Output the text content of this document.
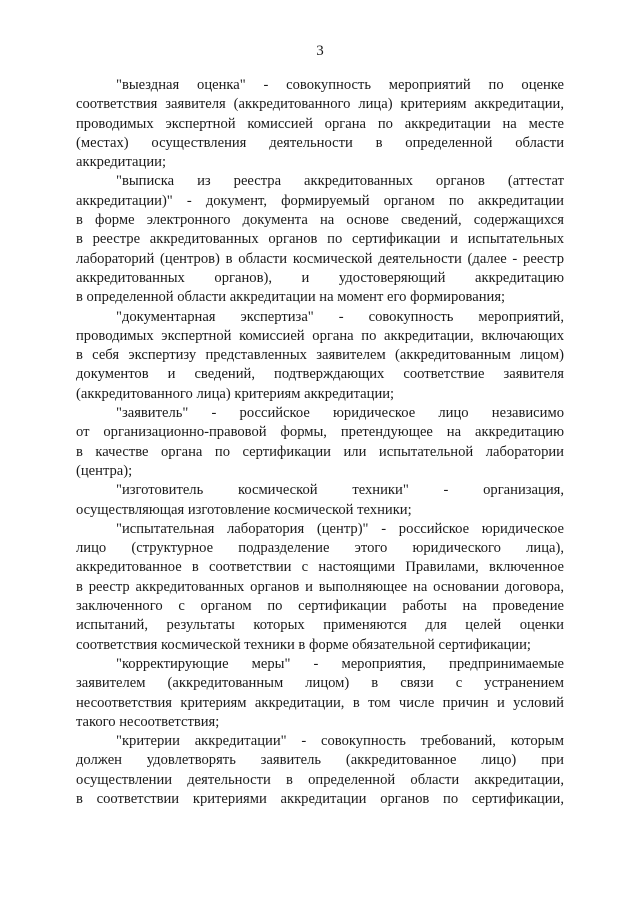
3
"выездная оценка" - совокупность мероприятий по оценке
соответствия заявителя (аккредитованного лица) критериям аккредитации,
проводимых экспертной комиссией органа по аккредитации на месте
(местах) осуществления деятельности в определенной области
аккредитации;
"выписка из реестра аккредитованных органов (аттестат
аккредитации)" - документ, формируемый органом по аккредитации
в форме электронного документа на основе сведений, содержащихся
в реестре аккредитованных органов по сертификации и испытательных
лабораторий (центров) в области космической деятельности (далее - реестр
аккредитованных органов), и удостоверяющий аккредитацию
в определенной области аккредитации на момент его формирования;
"документарная экспертиза" - совокупность мероприятий,
проводимых экспертной комиссией органа по аккредитации, включающих
в себя экспертизу представленных заявителем (аккредитованным лицом)
документов и сведений, подтверждающих соответствие заявителя
(аккредитованного лица) критериям аккредитации;
"заявитель" - российское юридическое лицо независимо
от организационно-правовой формы, претендующее на аккредитацию
в качестве органа по сертификации или испытательной лаборатории
(центра);
"изготовитель космической техники" - организация,
осуществляющая изготовление космической техники;
"испытательная лаборатория (центр)" - российское юридическое
лицо (структурное подразделение этого юридического лица),
аккредитованное в соответствии с настоящими Правилами, включенное
в реестр аккредитованных органов и выполняющее на основании договора,
заключенного с органом по сертификации работы на проведение
испытаний, результаты которых применяются для целей оценки
соответствия космической техники в форме обязательной сертификации;
"корректирующие меры" - мероприятия, предпринимаемые
заявителем (аккредитованным лицом) в связи с устранением
несоответствия критериям аккредитации, в том числе причин и условий
такого несоответствия;
"критерии аккредитации" - совокупность требований, которым
должен удовлетворять заявитель (аккредитованное лицо) при
осуществлении деятельности в определенной области аккредитации,
в соответствии критериями аккредитации органов по сертификации,
